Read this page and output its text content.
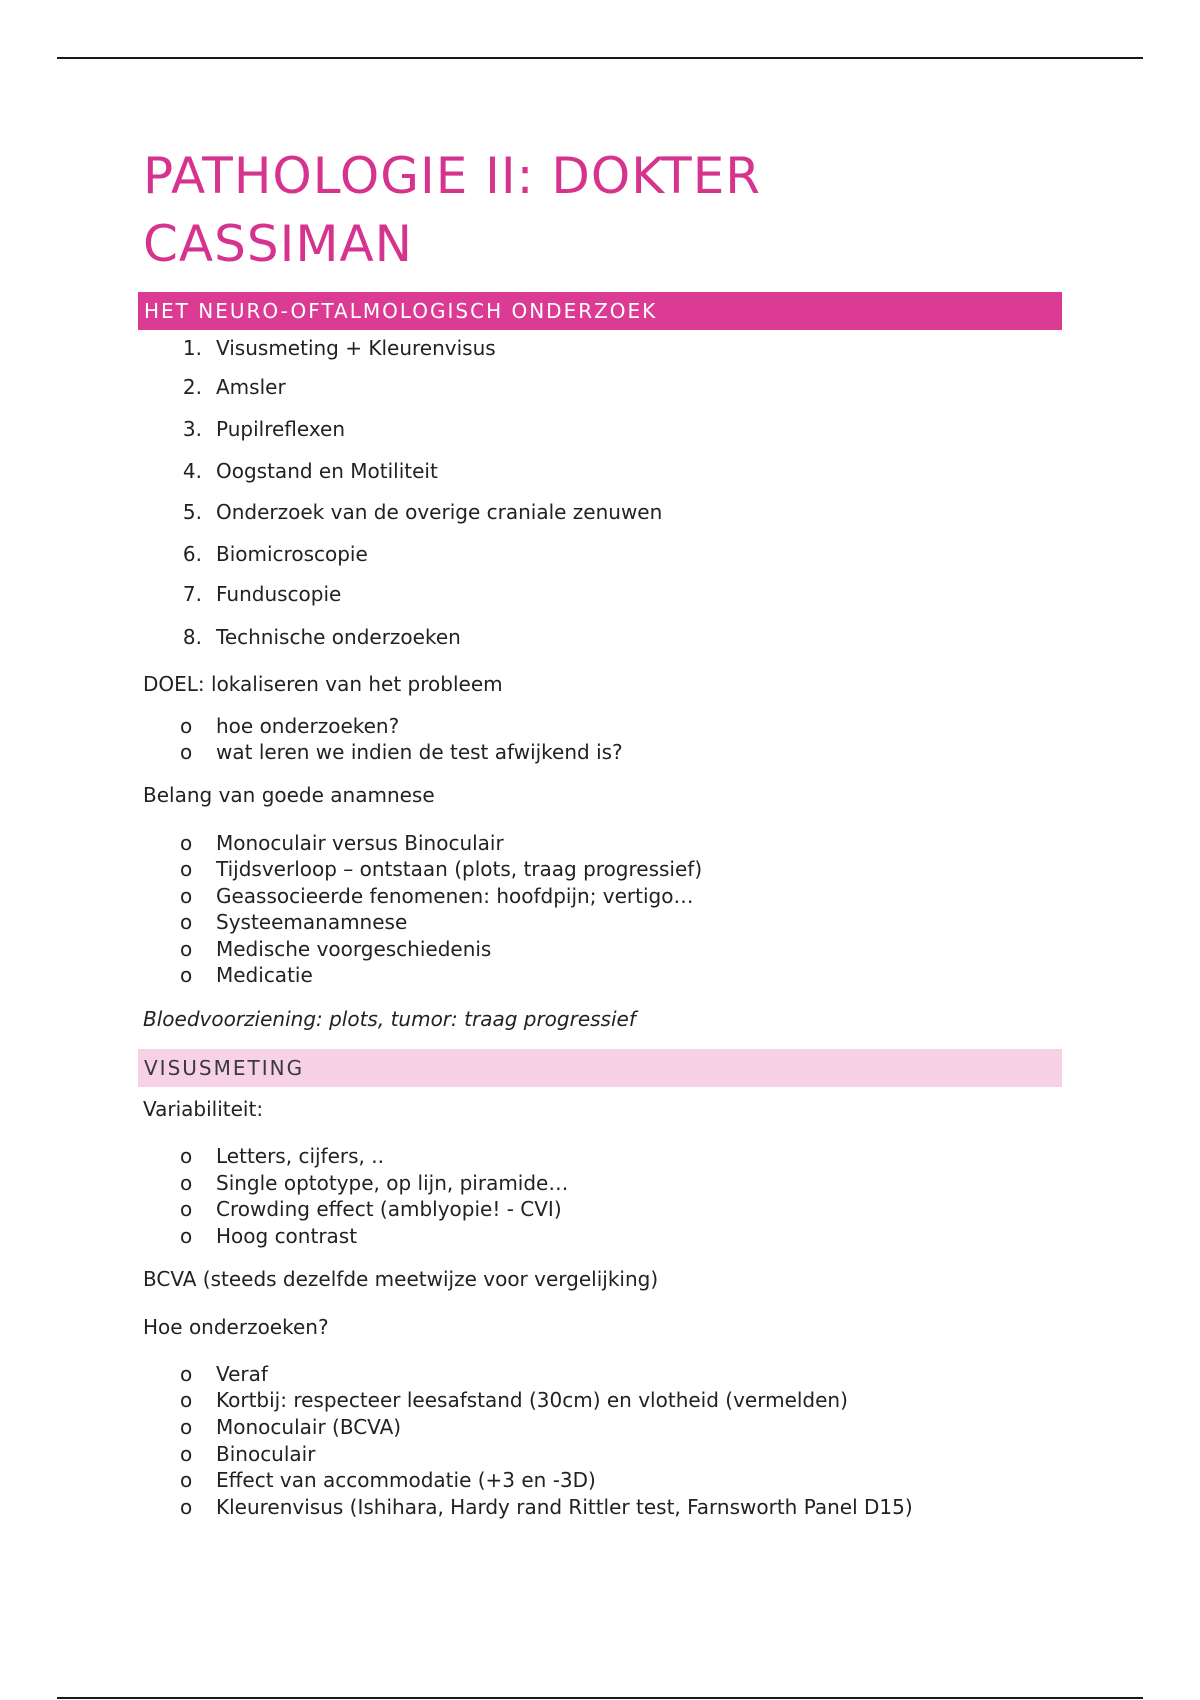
PATHOLOGIE II: DOKTER CASSIMAN
HET NEURO-OFTALMOLOGISCH ONDERZOEK
1. Visusmeting + Kleurenvisus
2. Amsler
3. Pupilreflexen
4. Oogstand en Motiliteit
5. Onderzoek van de overige craniale zenuwen
6. Biomicroscopie
7. Funduscopie
8. Technische onderzoeken
DOEL: lokaliseren van het probleem
o hoe onderzoeken?
o wat leren we indien de test afwijkend is?
Belang van goede anamnese
o Monoculair versus Binoculair
o Tijdsverloop – ontstaan (plots, traag progressief)
o Geassocieerde fenomenen: hoofdpijn; vertigo…
o Systeemanamnese
o Medische voorgeschiedenis
o Medicatie
Bloedvoorziening: plots, tumor: traag progressief
VISUSMETING
Variabiliteit:
o Letters, cijfers, ..
o Single optotype, op lijn, piramide…
o Crowding effect (amblyopie! - CVI)
o Hoog contrast
BCVA (steeds dezelfde meetwijze voor vergelijking)
Hoe onderzoeken?
o Veraf
o Kortbij: respecteer leesafstand (30cm) en vlotheid (vermelden)
o Monoculair (BCVA)
o Binoculair
o Effect van accommodatie (+3 en -3D)
o Kleurenvisus (Ishihara, Hardy rand Rittler test, Farnsworth Panel D15)
